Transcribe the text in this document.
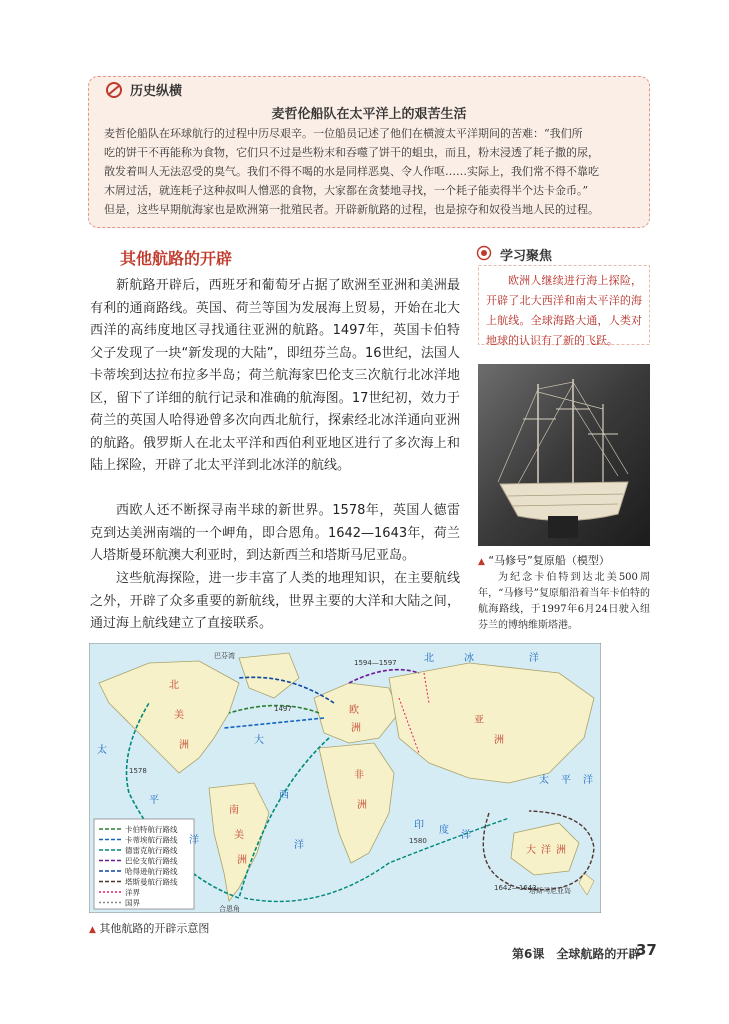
历史纵横
麦哲伦船队在太平洋上的艰苦生活
麦哲伦船队在环球航行的过程中历尽艰辛。一位船员记述了他们在横渡太平洋期间的苦难：“我们所
吃的饼干不再能称为食物，它们只不过是些粉末和吞噬了饼干的蛆虫，而且，粉末浸透了耗子撒的尿，
散发着叫人无法忍受的臭气。我们不得不喝的水是同样恶臭、令人作呕……实际上，我们常不得不靠吃
木屑过活，就连耗子这种叔叫人憎恶的食物，大家都在贪婪地寻找，一个耗子能卖得半个达卡金币。”
但是，这些早期航海家也是欧洲第一批殖民者。开辟新航路的过程，也是掠夺和奴役当地人民的过程。
其他航路的开辟
新航路开辟后，西班牙和葡萄牙占据了欧洲至亚洲和美洲最有利的通商路线。英国、荷兰等国为发展海上贸易，开始在北大西洋的高纬度地区寻找通往亚洲的航路。1497年，英国卡伯特父子发现了一块“新发现的大陆”，即纽芬兰岛。16世纪，法国人卡蒂埃到达拉布拉多半岛；荷兰航海家巴伦支三次航行北冰洋地区，留下了详细的航行记录和准确的航海图。17世纪初，效力于荷兰的英国人哈得逊曾多次向西北航行，探索经北冰洋通向亚洲的航路。俄罗斯人在北太平洋和西伯利亚地区进行了多次海上和陆上探险，开辟了北太平洋到北冰洋的航线。
西欧人还不断探寻南半球的新世界。1578年，英国人德雷克到达美洲南端的一个岬角，即合恩角。1642—1643年，荷兰人塔斯曼环航澳大利亚时，到达新西兰和塔斯马尼亚岛。
这些航海探险，进一步丰富了人类的地理知识，在主要航线之外，开辟了众多重要的新航线，世界主要的大洋和大陆之间，通过海上航线建立了直接联系。
学习聚焦
欧洲人继续进行海上探险，开辟了北大西洋和南太平洋的海上航线。全球海路大通，人类对地球的认识有了新的飞跃。
▲ “马修号”复原船（模型）
为纪念卡伯特到达北美500周年，“马修号”复原船沿着当年卡伯特的航海路线，于1997年6月24日驶入纽芬兰的博纳维斯塔港。
卡伯特航行路线
卡蒂埃航行路线
德雷克航行路线
巴伦支航行路线
哈得逊航行路线
塔斯曼航行路线
洋界
国界
北	冰	洋
太
平
洋
大
西
洋
印 度 洋
太 平 洋
北
美
洲
南
美
洲
欧
洲
非
洲
亚
洲
大 洋 洲
巴芬湾
合恩角
塔斯马尼亚岛
1497
1594—1597
1642—1643
1578
1580
▲ 其他航路的开辟示意图
第6课　全球航路的开辟
37
